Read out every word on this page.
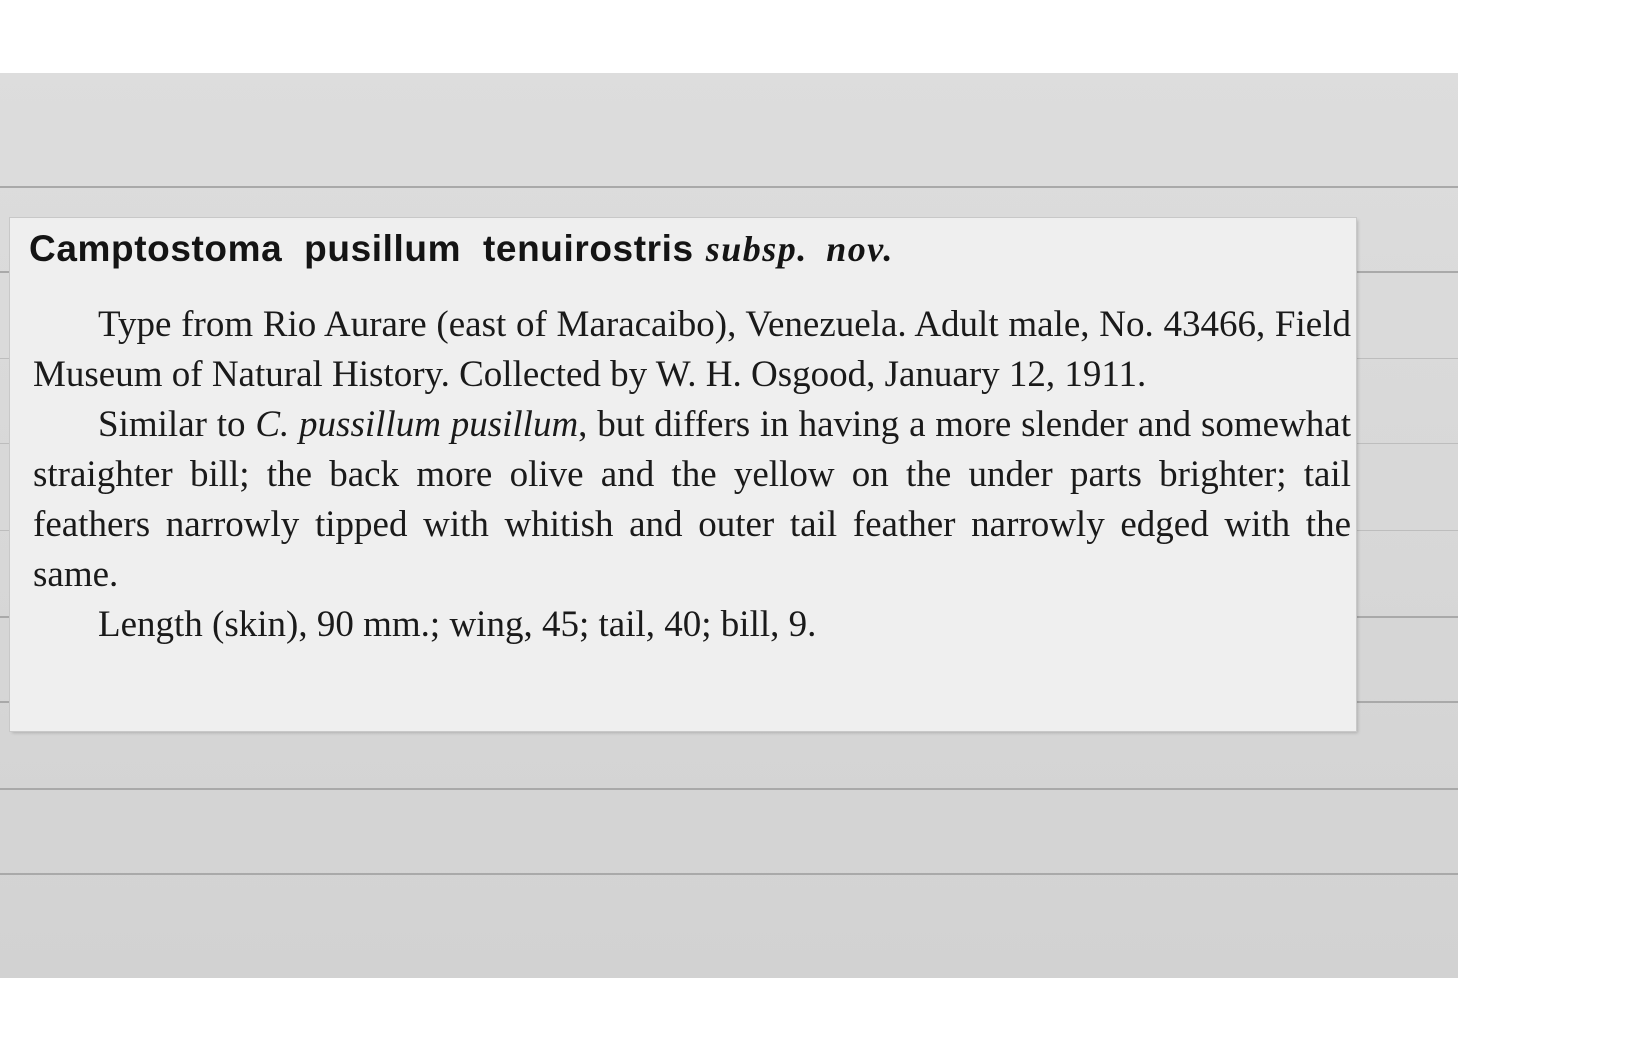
Camptostoma pusillum tenuirostris subsp. nov.

Type from Rio Aurare (east of Maracaibo), Venezuela. Adult male, No. 43466, Field Museum of Natural History. Collected by W. H. Osgood, January 12, 1911.

Similar to C. pussillum pusillum, but differs in having a more slender and somewhat straighter bill; the back more olive and the yellow on the under parts brighter; tail feathers narrowly tipped with whitish and outer tail feather narrowly edged with the same.

Length (skin), 90 mm.; wing, 45; tail, 40; bill, 9.
